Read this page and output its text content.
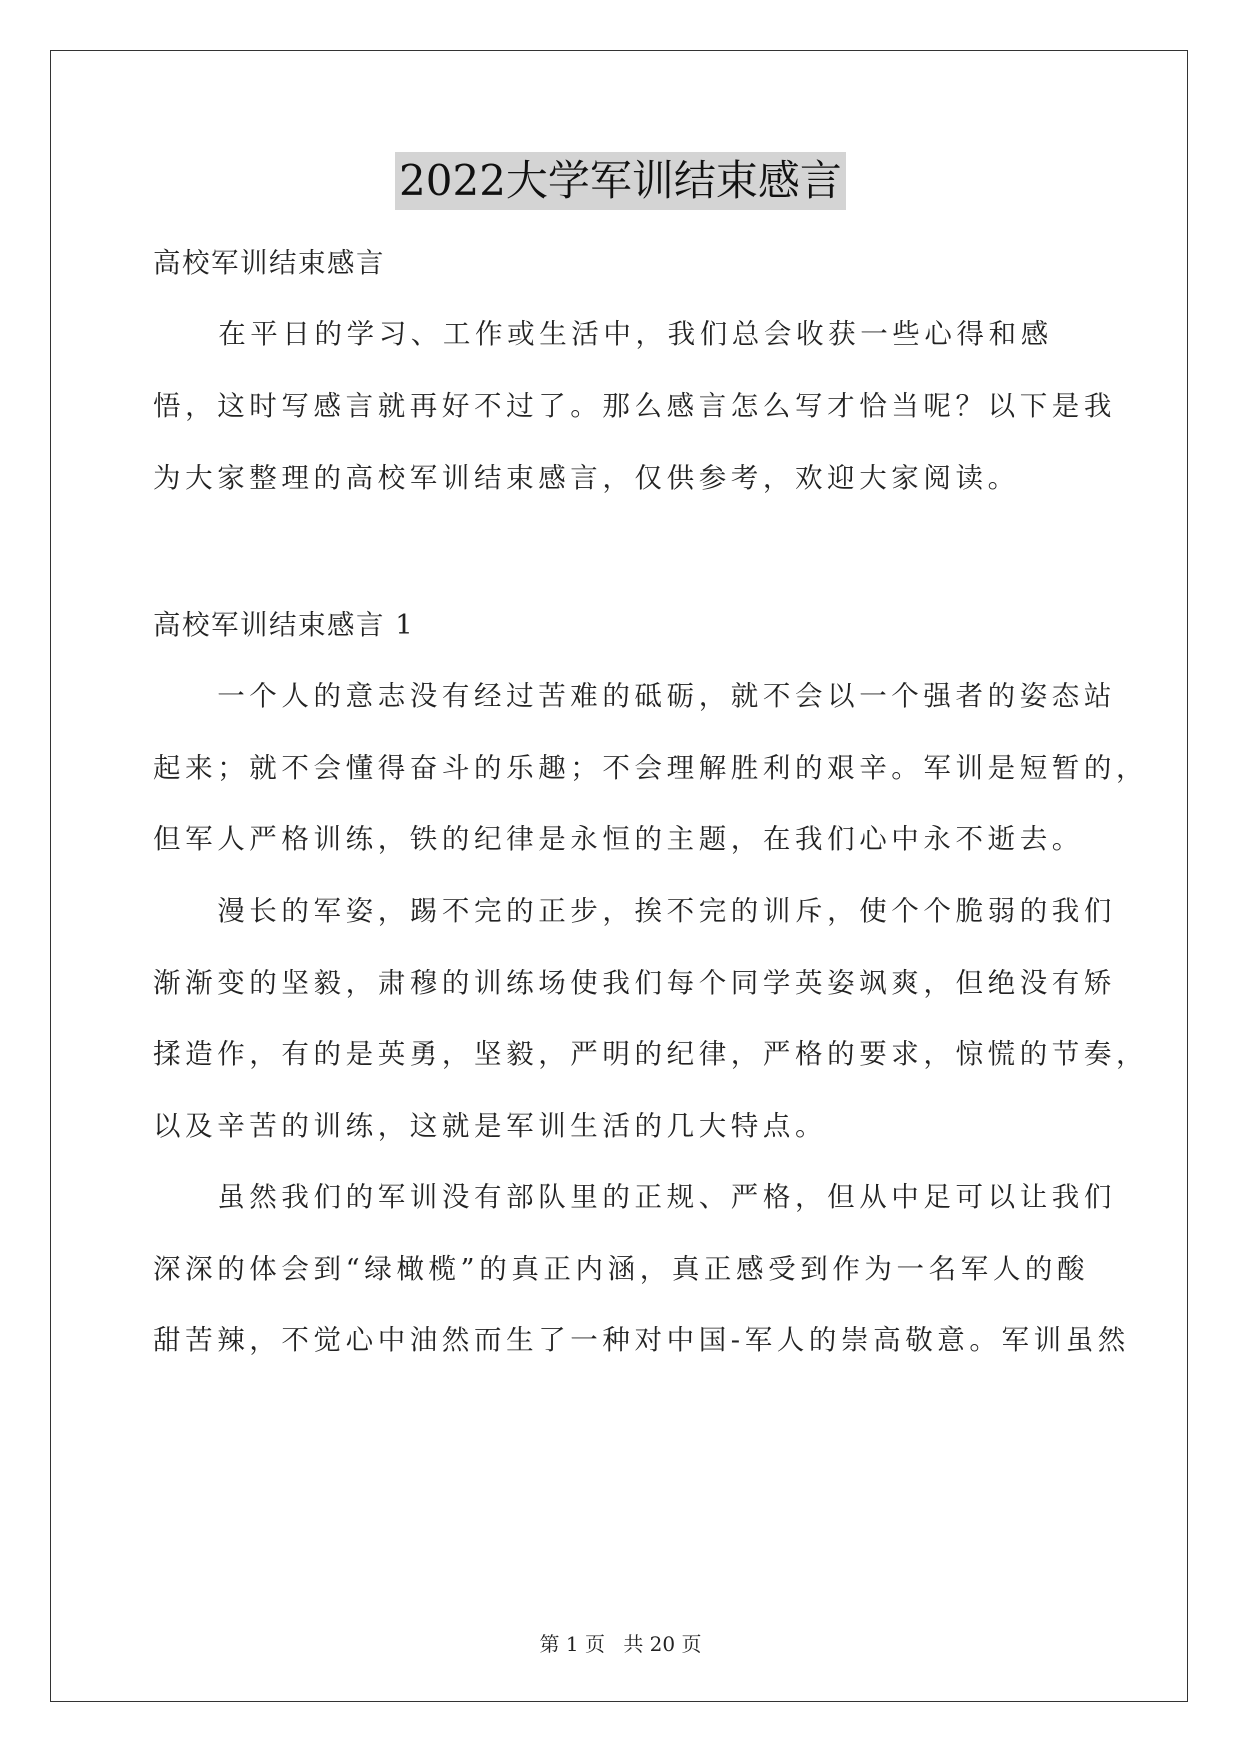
2022大学军训结束感言
高校军训结束感言
　　在平日的学习、工作或生活中，我们总会收获一些心得和感
悟，这时写感言就再好不过了。那么感言怎么写才恰当呢？以下是我
为大家整理的高校军训结束感言，仅供参考，欢迎大家阅读。
高校军训结束感言 1
　　一个人的意志没有经过苦难的砥砺，就不会以一个强者的姿态站
起来；就不会懂得奋斗的乐趣；不会理解胜利的艰辛。军训是短暂的，
但军人严格训练，铁的纪律是永恒的主题，在我们心中永不逝去。
　　漫长的军姿，踢不完的正步，挨不完的训斥，使个个脆弱的我们
渐渐变的坚毅，肃穆的训练场使我们每个同学英姿飒爽，但绝没有矫
揉造作，有的是英勇，坚毅，严明的纪律，严格的要求，惊慌的节奏，
以及辛苦的训练，这就是军训生活的几大特点。
　　虽然我们的军训没有部队里的正规、严格，但从中足可以让我们
深深的体会到“绿橄榄”的真正内涵，真正感受到作为一名军人的酸
甜苦辣，不觉心中油然而生了一种对中国-军人的崇高敬意。军训虽然
第 1 页 共 20 页
